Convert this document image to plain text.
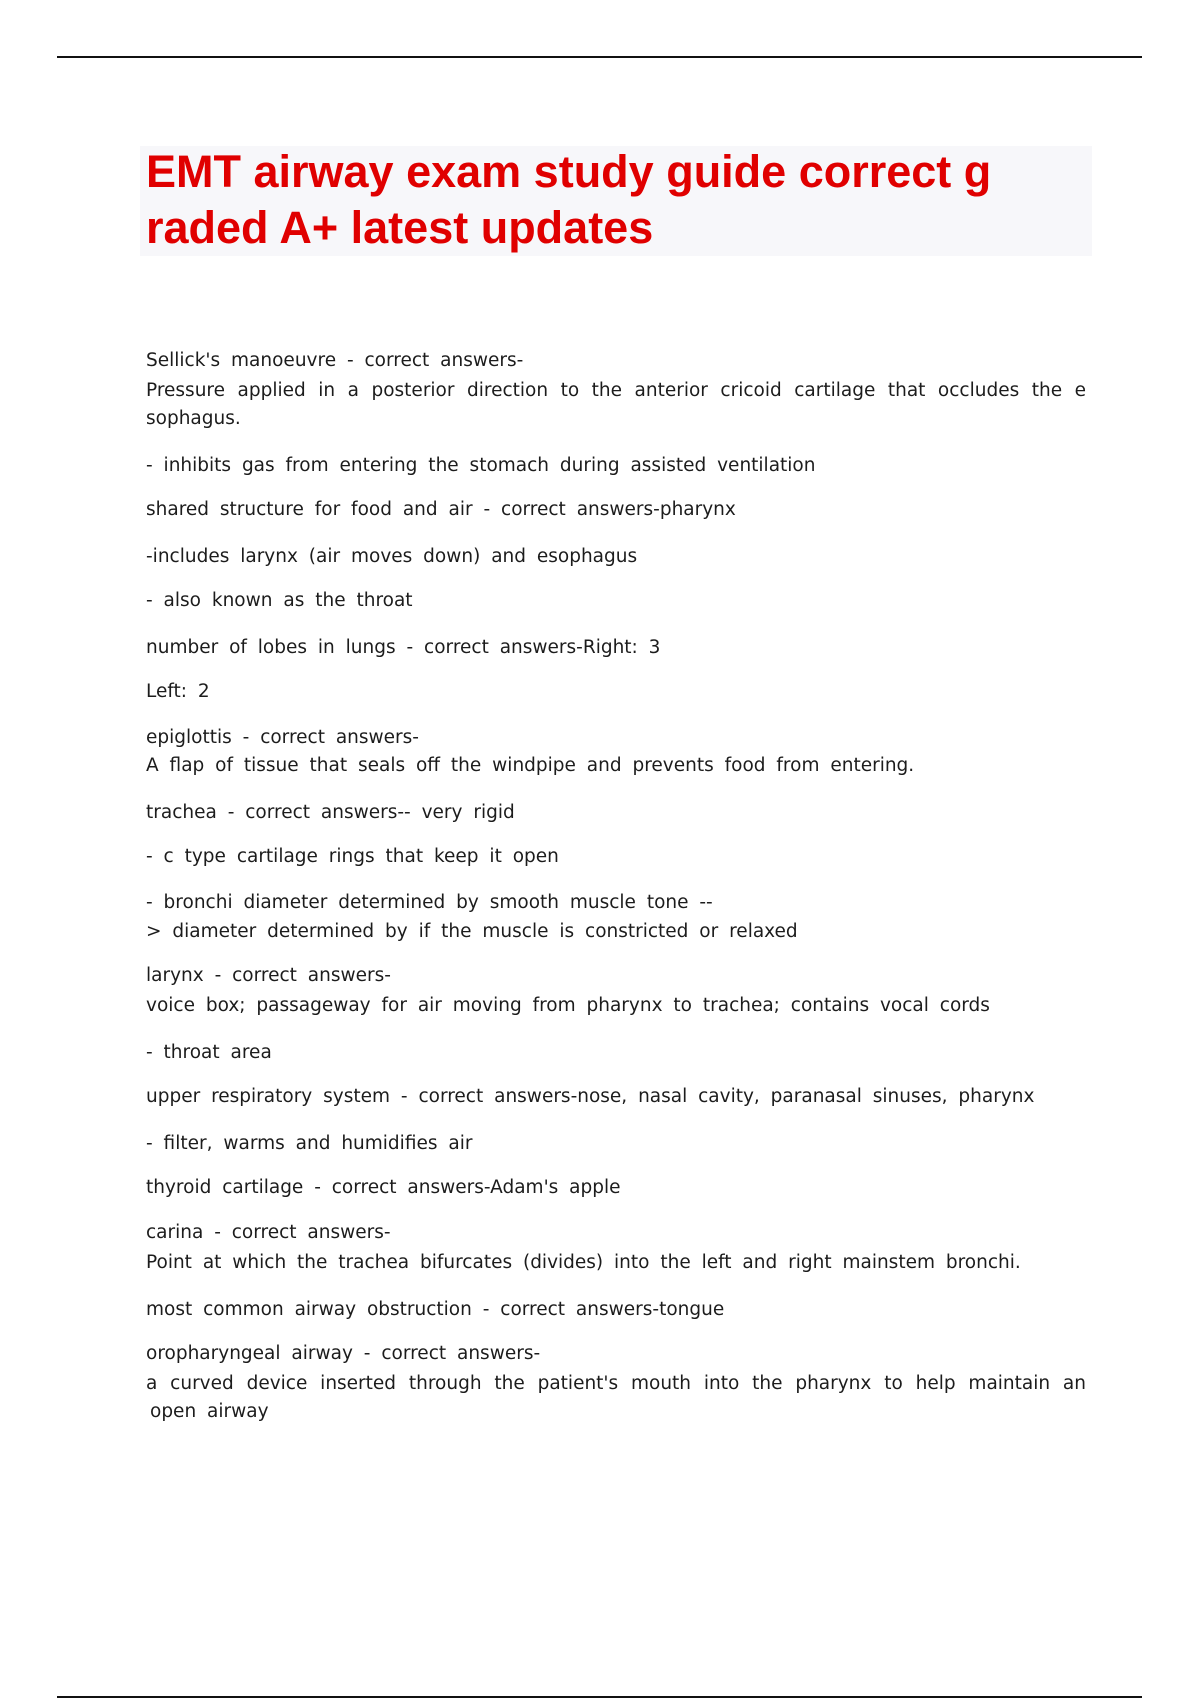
EMT airway exam study guide correct g
raded A+ latest updates

Sellick's manoeuvre - correct answers-

Pressure applied in a posterior direction to the anterior cricoid cartilage that occludes the e

sophagus.

- inhibits gas from entering the stomach during assisted ventilation

shared structure for food and air - correct answers-pharynx

-includes larynx (air moves down) and esophagus

- also known as the throat

number of lobes in lungs - correct answers-Right: 3

Left: 2

epiglottis - correct answers-

A flap of tissue that seals off the windpipe and prevents food from entering.

trachea - correct answers-- very rigid

- c type cartilage rings that keep it open

- bronchi diameter determined by smooth muscle tone --

> diameter determined by if the muscle is constricted or relaxed

larynx - correct answers-

voice box; passageway for air moving from pharynx to trachea; contains vocal cords

- throat area

upper respiratory system - correct answers-nose, nasal cavity, paranasal sinuses, pharynx

- filter, warms and humidifies air

thyroid cartilage - correct answers-Adam's apple

carina - correct answers-

Point at which the trachea bifurcates (divides) into the left and right mainstem bronchi.

most common airway obstruction - correct answers-tongue

oropharyngeal airway - correct answers-

a curved device inserted through the patient's mouth into the pharynx to help maintain an

open airway
